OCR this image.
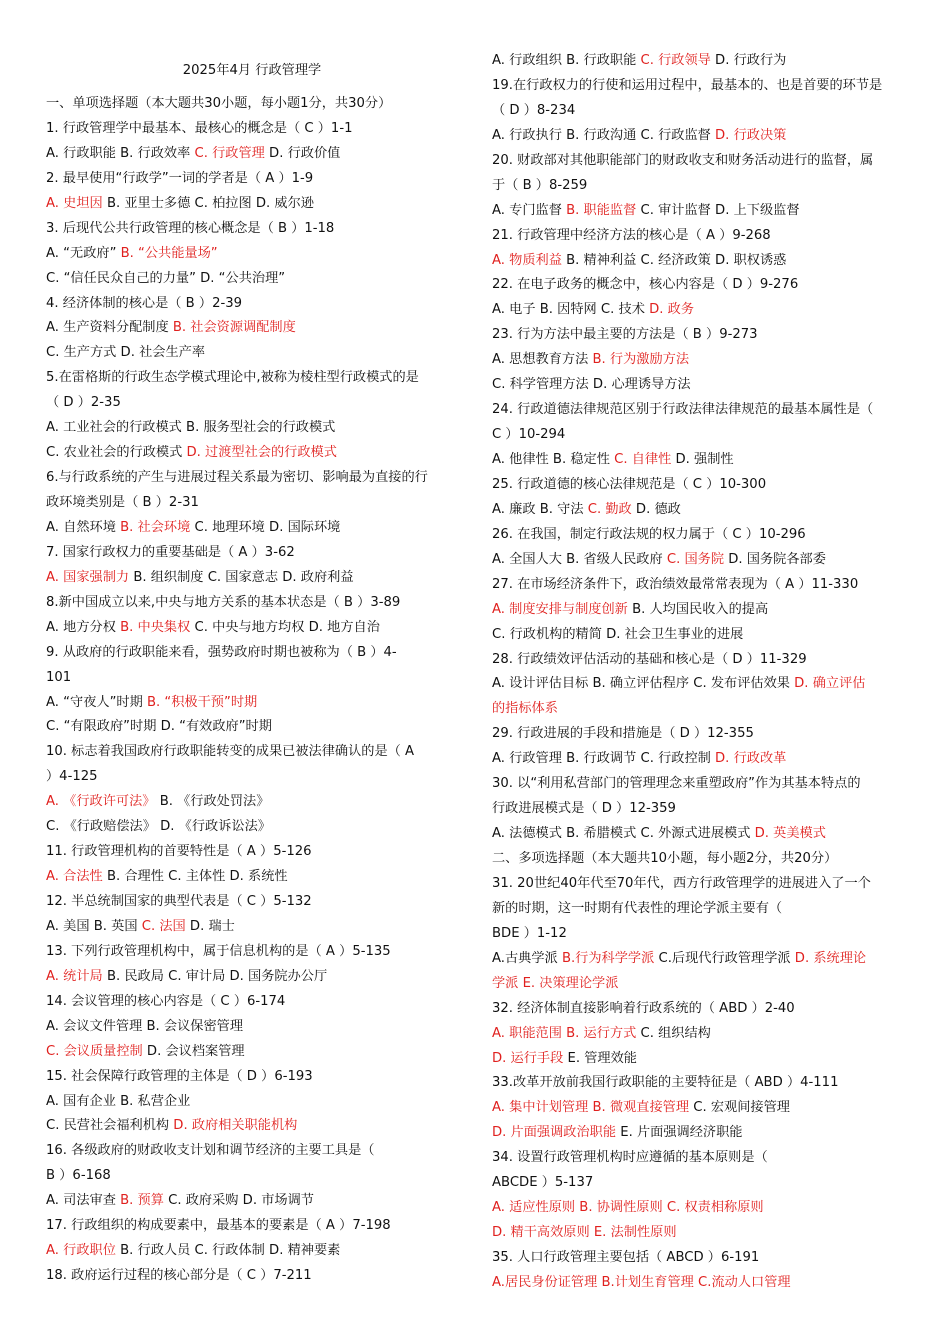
2025年4月 行政管理学
一、单项选择题（本大题共30小题，每小题1分，共30分）
1. 行政管理学中最基本、最核心的概念是（ C ）1-1
A. 行政职能 B. 行政效率 C. 行政管理 D. 行政价值
2. 最早使用“行政学”一词的学者是（ A ）1-9
A. 史坦因 B. 亚里士多德 C. 柏拉图 D. 威尔逊
3. 后现代公共行政管理的核心概念是（ B ）1-18
A. “无政府” B. “公共能量场”
C. “信任民众自己的力量” D. “公共治理”
4. 经济体制的核心是（ B ）2-39
A. 生产资料分配制度 B. 社会资源调配制度
C. 生产方式 D. 社会生产率
5.在雷格斯的行政生态学模式理论中,被称为棱柱型行政模式的是
（ D ）2-35
A. 工业社会的行政模式 B. 服务型社会的行政模式
C. 农业社会的行政模式 D. 过渡型社会的行政模式
6.与行政系统的产生与进展过程关系最为密切、影响最为直接的行
政环境类别是（ B ）2-31
A. 自然环境 B. 社会环境 C. 地理环境 D. 国际环境
7. 国家行政权力的重要基础是（ A ）3-62
A. 国家强制力 B. 组织制度 C. 国家意志 D. 政府利益
8.新中国成立以来,中央与地方关系的基本状态是（ B ）3-89
A. 地方分权 B. 中央集权 C. 中央与地方均权 D. 地方自治
9. 从政府的行政职能来看，强势政府时期也被称为（ B ）4-
101
A. “守夜人”时期 B. “积极干预”时期
C. “有限政府”时期 D. “有效政府”时期
10. 标志着我国政府行政职能转变的成果已被法律确认的是（ A
）4-125
A. 《行政许可法》 B. 《行政处罚法》
C. 《行政赔偿法》 D. 《行政诉讼法》
11. 行政管理机构的首要特性是（ A ）5-126
A. 合法性 B. 合理性 C. 主体性 D. 系统性
12. 半总统制国家的典型代表是（ C ）5-132
A. 美国 B. 英国 C. 法国 D. 瑞士
13. 下列行政管理机构中，属于信息机构的是（ A ）5-135
A. 统计局 B. 民政局 C. 审计局 D. 国务院办公厅
14. 会议管理的核心内容是（ C ）6-174
A. 会议文件管理 B. 会议保密管理
C. 会议质量控制 D. 会议档案管理
15. 社会保障行政管理的主体是（ D ）6-193
A. 国有企业 B. 私营企业
C. 民营社会福利机构 D. 政府相关职能机构
16. 各级政府的财政收支计划和调节经济的主要工具是（
B ）6-168
A. 司法审查 B. 预算 C. 政府采购 D. 市场调节
17. 行政组织的构成要素中，最基本的要素是（ A ）7-198
A. 行政职位 B. 行政人员 C. 行政体制 D. 精神要素
18. 政府运行过程的核心部分是（ C ）7-211
A. 行政组织 B. 行政职能 C. 行政领导 D. 行政行为
19.在行政权力的行使和运用过程中，最基本的、也是首要的环节是
（ D ）8-234
A. 行政执行 B. 行政沟通 C. 行政监督 D. 行政决策
20. 财政部对其他职能部门的财政收支和财务活动进行的监督，属
于（ B ）8-259
A. 专门监督 B. 职能监督 C. 审计监督 D. 上下级监督
21. 行政管理中经济方法的核心是（ A ）9-268
A. 物质利益 B. 精神利益 C. 经济政策 D. 职权诱惑
22. 在电子政务的概念中，核心内容是（ D ）9-276
A. 电子 B. 因特网 C. 技术 D. 政务
23. 行为方法中最主要的方法是（ B ）9-273
A. 思想教育方法 B. 行为激励方法
C. 科学管理方法 D. 心理诱导方法
24. 行政道德法律规范区别于行政法律法律规范的最基本属性是（
C ）10-294
A. 他律性 B. 稳定性 C. 自律性 D. 强制性
25. 行政道德的核心法律规范是（ C ）10-300
A. 廉政 B. 守法 C. 勤政 D. 德政
26. 在我国，制定行政法规的权力属于（ C ）10-296
A. 全国人大 B. 省级人民政府 C. 国务院 D. 国务院各部委
27. 在市场经济条件下，政治绩效最常常表现为（ A ）11-330
A. 制度安排与制度创新 B. 人均国民收入的提高
C. 行政机构的精简 D. 社会卫生事业的进展
28. 行政绩效评估活动的基础和核心是（ D ）11-329
A. 设计评估目标 B. 确立评估程序 C. 发布评估效果 D. 确立评估
的指标体系
29. 行政进展的手段和措施是（ D ）12-355
A. 行政管理 B. 行政调节 C. 行政控制 D. 行政改革
30. 以“利用私营部门的管理理念来重塑政府”作为其基本特点的
行政进展模式是（ D ）12-359
A. 法德模式 B. 希腊模式 C. 外源式进展模式 D. 英美模式
二、多项选择题（本大题共10小题，每小题2分，共20分）
31. 20世纪40年代至70年代，西方行政管理学的进展进入了一个
新的时期，这一时期有代表性的理论学派主要有（
BDE ）1-12
A.古典学派 B.行为科学学派 C.后现代行政管理学派 D. 系统理论
学派 E. 决策理论学派
32. 经济体制直接影响着行政系统的（ ABD ）2-40
A. 职能范围 B. 运行方式 C. 组织结构
D. 运行手段 E. 管理效能
33.改革开放前我国行政职能的主要特征是（ ABD ）4-111
A. 集中计划管理 B. 微观直接管理 C. 宏观间接管理
D. 片面强调政治职能 E. 片面强调经济职能
34. 设置行政管理机构时应遵循的基本原则是（
ABCDE ）5-137
A. 适应性原则 B. 协调性原则 C. 权责相称原则
D. 精干高效原则 E. 法制性原则
35. 人口行政管理主要包括（ ABCD ）6-191
A.居民身份证管理 B.计划生育管理 C.流动人口管理
